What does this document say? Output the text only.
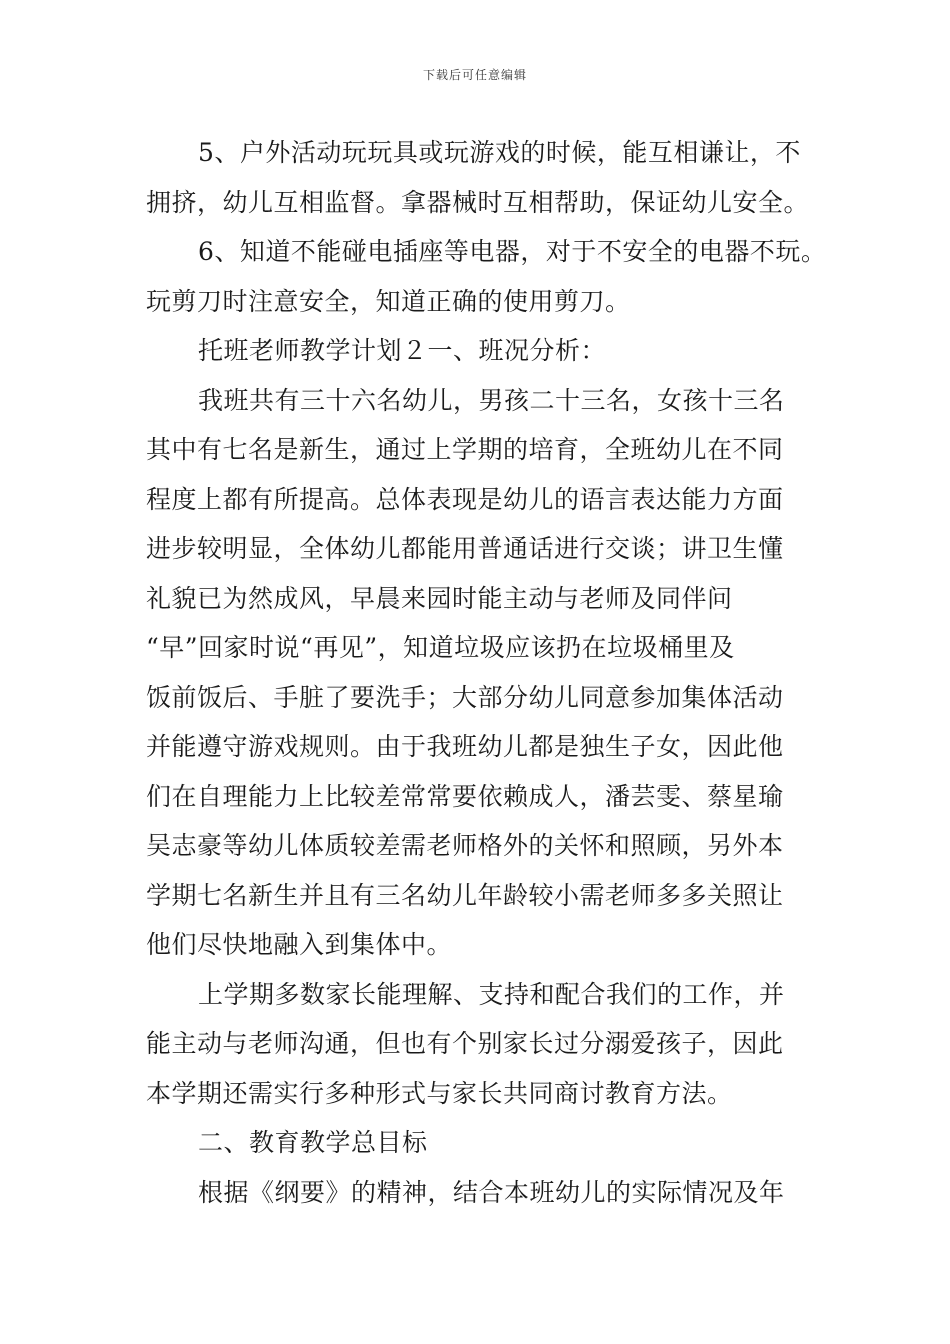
下载后可任意编辑
5、户外活动玩玩具或玩游戏的时候，能互相谦让，不
拥挤，幼儿互相监督。拿器械时互相帮助，保证幼儿安全。
6、知道不能碰电插座等电器，对于不安全的电器不玩。
玩剪刀时注意安全，知道正确的使用剪刀。
托班老师教学计划２一、班况分析：
我班共有三十六名幼儿，男孩二十三名，女孩十三名
其中有七名是新生，通过上学期的培育，全班幼儿在不同
程度上都有所提高。总体表现是幼儿的语言表达能力方面
进步较明显，全体幼儿都能用普通话进行交谈；讲卫生懂
礼貌已为然成风，早晨来园时能主动与老师及同伴问
“早”回家时说“再见”，知道垃圾应该扔在垃圾桶里及
饭前饭后、手脏了要洗手；大部分幼儿同意参加集体活动
并能遵守游戏规则。由于我班幼儿都是独生子女，因此他
们在自理能力上比较差常常要依赖成人，潘芸雯、蔡星瑜
吴志豪等幼儿体质较差需老师格外的关怀和照顾，另外本
学期七名新生并且有三名幼儿年龄较小需老师多多关照让
他们尽快地融入到集体中。
上学期多数家长能理解、支持和配合我们的工作，并
能主动与老师沟通，但也有个别家长过分溺爱孩子，因此
本学期还需实行多种形式与家长共同商讨教育方法。
二、教育教学总目标
根据《纲要》的精神，结合本班幼儿的实际情况及年
